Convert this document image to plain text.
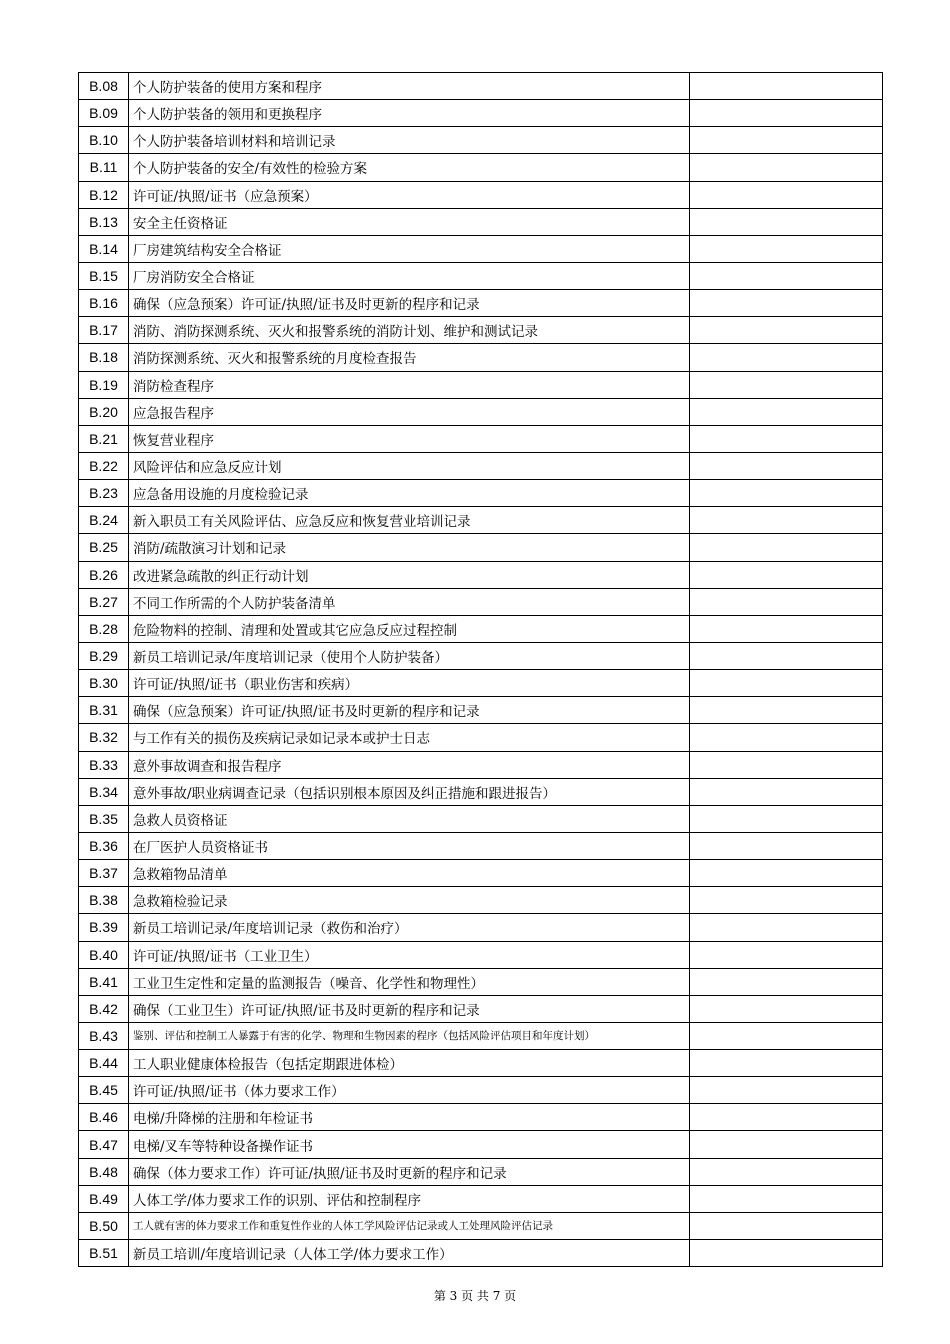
B.08	个人防护装备的使用方案和程序	
B.09	个人防护装备的领用和更换程序	
B.10	个人防护装备培训材料和培训记录	
B.11	个人防护装备的安全/有效性的检验方案	
B.12	许可证/执照/证书（应急预案）	
B.13	安全主任资格证	
B.14	厂房建筑结构安全合格证	
B.15	厂房消防安全合格证	
B.16	确保（应急预案）许可证/执照/证书及时更新的程序和记录	
B.17	消防、消防探测系统、灭火和报警系统的消防计划、维护和测试记录	
B.18	消防探测系统、灭火和报警系统的月度检查报告	
B.19	消防检查程序	
B.20	应急报告程序	
B.21	恢复营业程序	
B.22	风险评估和应急反应计划	
B.23	应急备用设施的月度检验记录	
B.24	新入职员工有关风险评估、应急反应和恢复营业培训记录	
B.25	消防/疏散演习计划和记录	
B.26	改进紧急疏散的纠正行动计划	
B.27	不同工作所需的个人防护装备清单	
B.28	危险物料的控制、清理和处置或其它应急反应过程控制	
B.29	新员工培训记录/年度培训记录（使用个人防护装备）	
B.30	许可证/执照/证书（职业伤害和疾病）	
B.31	确保（应急预案）许可证/执照/证书及时更新的程序和记录	
B.32	与工作有关的损伤及疾病记录如记录本或护士日志	
B.33	意外事故调查和报告程序	
B.34	意外事故/职业病调查记录（包括识别根本原因及纠正措施和跟进报告）	
B.35	急救人员资格证	
B.36	在厂医护人员资格证书	
B.37	急救箱物品清单	
B.38	急救箱检验记录	
B.39	新员工培训记录/年度培训记录（救伤和治疗）	
B.40	许可证/执照/证书（工业卫生）	
B.41	工业卫生定性和定量的监测报告（噪音、化学性和物理性）	
B.42	确保（工业卫生）许可证/执照/证书及时更新的程序和记录	
B.43	鉴别、评估和控制工人暴露于有害的化学、物理和生物因素的程序（包括风险评估项目和年度计划）	
B.44	工人职业健康体检报告（包括定期跟进体检）	
B.45	许可证/执照/证书（体力要求工作）	
B.46	电梯/升降梯的注册和年检证书	
B.47	电梯/叉车等特种设备操作证书	
B.48	确保（体力要求工作）许可证/执照/证书及时更新的程序和记录	
B.49	人体工学/体力要求工作的识别、评估和控制程序	
B.50	工人就有害的体力要求工作和重复性作业的人体工学风险评估记录或人工处理风险评估记录	
B.51	新员工培训/年度培训记录（人体工学/体力要求工作）	
第 3 页 共 7 页
